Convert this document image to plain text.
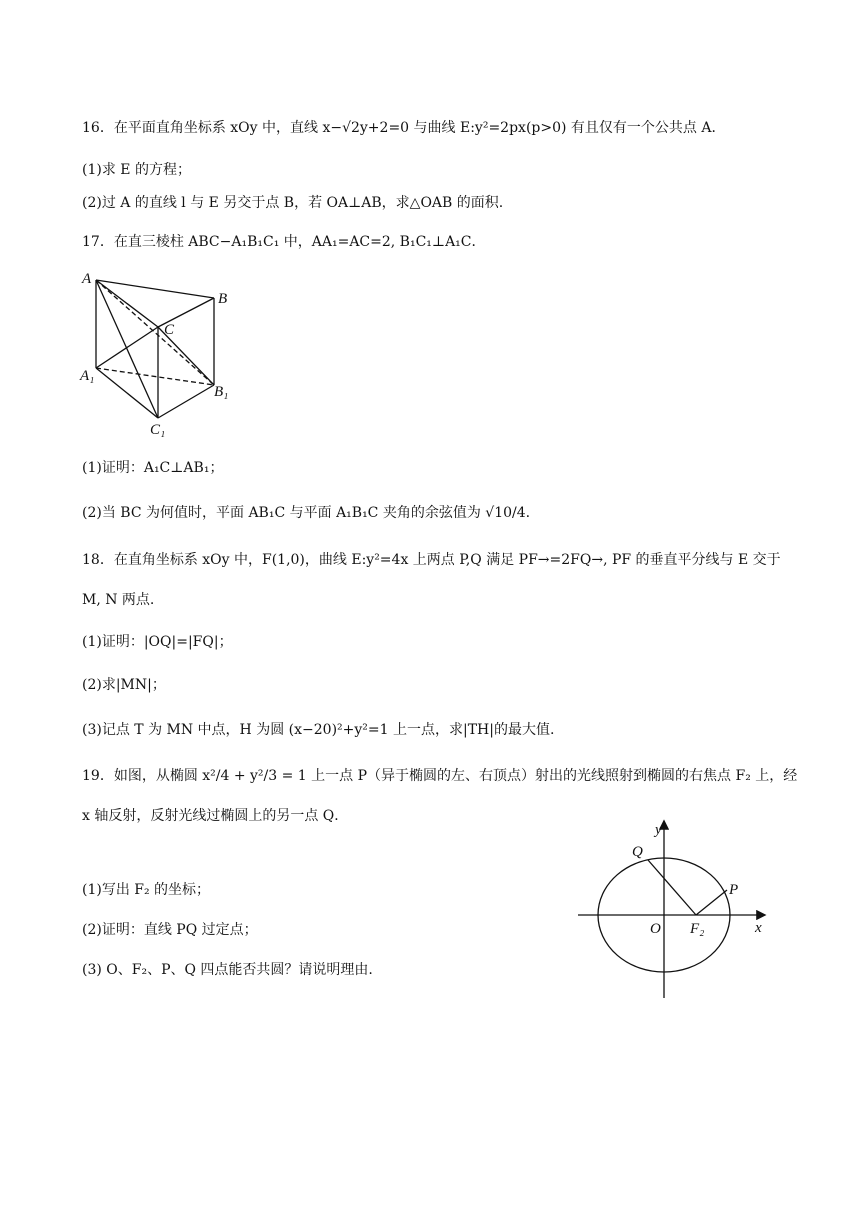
16．在平面直角坐标系 xOy 中，直线 x−√2y+2=0 与曲线 E:y²=2px(p>0) 有且仅有一个公共点 A．
(1)求 E 的方程；
(2)过 A 的直线 l 与 E 另交于点 B，若 OA⊥AB，求△OAB 的面积.
17．在直三棱柱 ABC−A₁B₁C₁ 中，AA₁=AC=2, B₁C₁⊥A₁C．
A
B
C
A₁
B₁
C₁
(1)证明：A₁C⊥AB₁；
(2)当 BC 为何值时，平面 AB₁C 与平面 A₁B₁C 夹角的余弦值为 √10/4.
18．在直角坐标系 xOy 中，F(1,0)，曲线 E:y²=4x 上两点 P,Q 满足 PF→=2FQ→, PF 的垂直平分线与 E 交于
M, N 两点.
(1)证明：|OQ|=|FQ|；
(2)求|MN|；
(3)记点 T 为 MN 中点，H 为圆 (x−20)²+y²=1 上一点，求|TH|的最大值.
19．如图，从椭圆 x²/4 + y²/3 = 1 上一点 P（异于椭圆的左、右顶点）射出的光线照射到椭圆的右焦点 F₂ 上，经
x 轴反射，反射光线过椭圆上的另一点 Q．
y
x
O F₂
P
Q
(1)写出 F₂ 的坐标；
(2)证明：直线 PQ 过定点；
(3) O、F₂、P、Q 四点能否共圆？请说明理由.
